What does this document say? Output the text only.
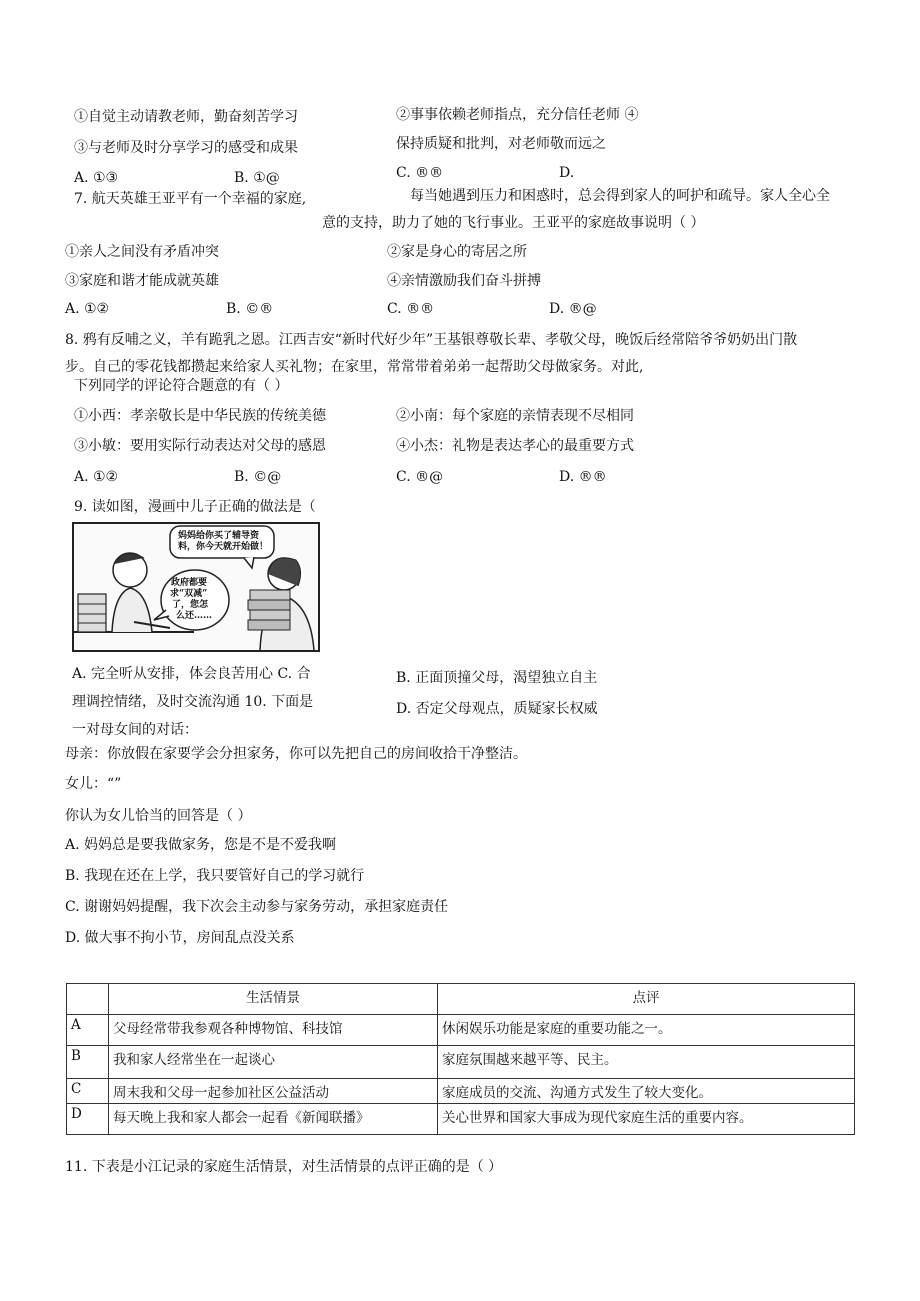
①自觉主动请教老师，勤奋刻苦学习	②事事依赖老师指点，充分信任老师 ④
③与老师及时分享学习的感受和成果	保持质疑和批判，对老师敬而远之
A. ①③	B. ①@	C. ®®	D.
7. 航天英雄王亚平有一个幸福的家庭,	每当她遇到压力和困惑时，总会得到家人的呵护和疏导。家人全心全
意的支持，助力了她的飞行事业。王亚平的家庭故事说明（ ）
①亲人之间没有矛盾冲突	②家是身心的寄居之所
③家庭和谐才能成就英雄	④亲情激励我们奋斗拼搏
A. ①②	B. ©®	C. ®®	D. ®@
8. 鸦有反哺之义，羊有跪乳之恩。江西吉安“新时代好少年”王基银尊敬长辈、孝敬父母，晚饭后经常陪爷爷奶奶出门散
步。自己的零花钱都攒起来给家人买礼物；在家里，常常带着弟弟一起帮助父母做家务。对此,
下列同学的评论符合题意的有（ ）
①小西：孝亲敬长是中华民族的传统美德	②小南：每个家庭的亲情表现不尽相同
③小敏：要用实际行动表达对父母的感恩	④小杰：礼物是表达孝心的最重要方式
A. ①②	B. ©@	C. ®@	D. ®®
9. 读如图，漫画中儿子正确的做法是（
妈妈给你买了辅导资料，你今天就开始做！
政府都要
求“双减”
了，您怎
么还……
A. 完全听从安排，体会良苦用心 C. 合	B. 正面顶撞父母，渴望独立自主
理调控情绪，及时交流沟通 10. 下面是	D. 否定父母观点，质疑家长权威
一对母女间的对话：
母亲：你放假在家要学会分担家务，你可以先把自己的房间收拾干净整洁。
女儿：“”
你认为女儿恰当的回答是（ ）
A. 妈妈总是要我做家务，您是不是不爱我啊
B. 我现在还在上学，我只要管好自己的学习就行
C. 谢谢妈妈提醒，我下次会主动参与家务劳动，承担家庭责任
D. 做大事不拘小节，房间乱点没关系
	生活情景	点评
A	父母经常带我参观各种博物馆、科技馆	休闲娱乐功能是家庭的重要功能之一。
B	我和家人经常坐在一起谈心	家庭氛围越来越平等、民主。
C	周末我和父母一起参加社区公益活动	家庭成员的交流、沟通方式发生了较大变化。
D	每天晚上我和家人都会一起看《新闻联播》	关心世界和国家大事成为现代家庭生活的重要内容。
11. 下表是小江记录的家庭生活情景，对生活情景的点评正确的是（ ）
